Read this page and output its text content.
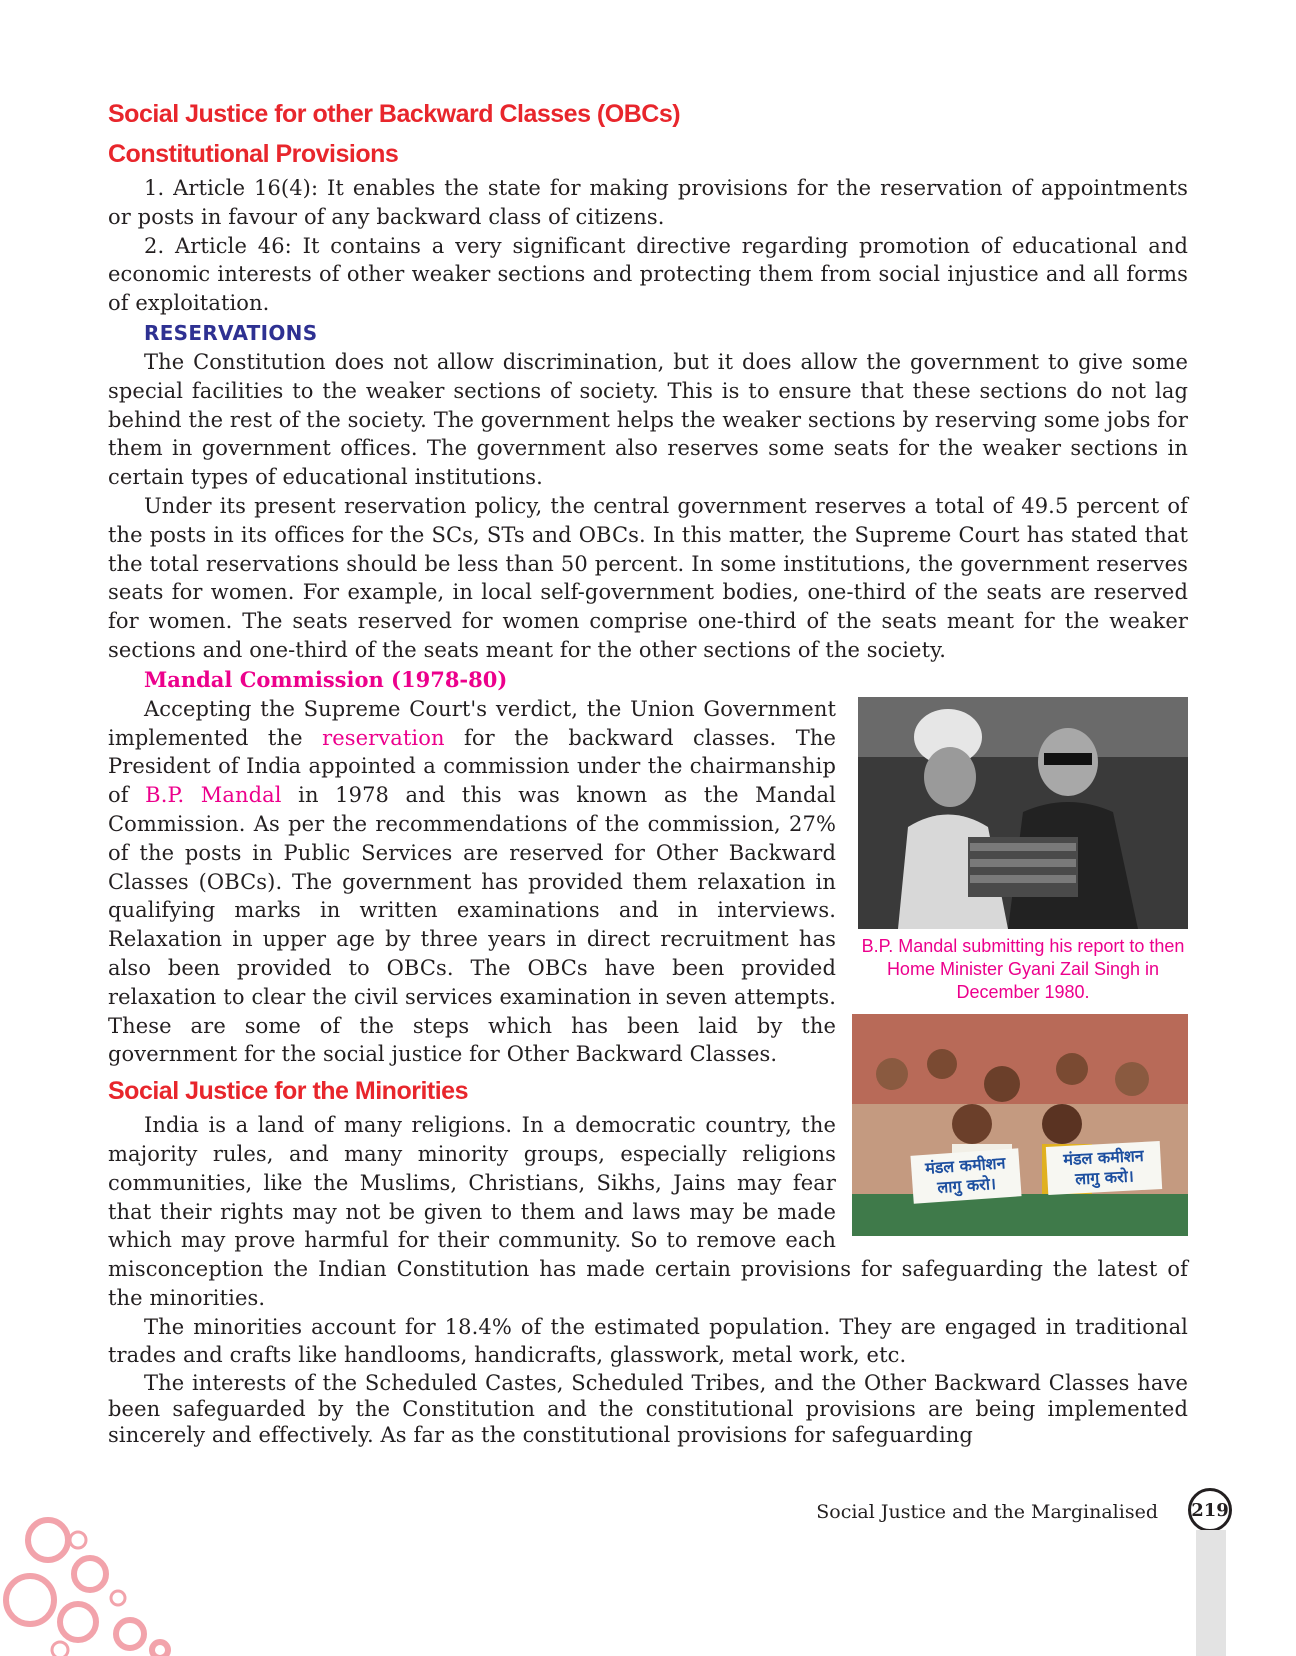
Social Justice for other Backward Classes (OBCs)
Constitutional Provisions

1. Article 16(4): It enables the state for making provisions for the reservation of appointments or posts in favour of any backward class of citizens.

2. Article 46: It contains a very significant directive regarding promotion of educational and economic interests of other weaker sections and protecting them from social injustice and all forms of exploitation.

RESERVATIONS

The Constitution does not allow discrimination, but it does allow the government to give some special facilities to the weaker sections of society. This is to ensure that these sections do not lag behind the rest of the society. The government helps the weaker sections by reserving some jobs for them in government offices. The government also reserves some seats for the weaker sections in certain types of educational institutions.

Under its present reservation policy, the central government reserves a total of 49.5 percent of the posts in its offices for the SCs, STs and OBCs. In this matter, the Supreme Court has stated that the total reservations should be less than 50 percent. In some institutions, the government reserves seats for women. For example, in local self-government bodies, one-third of the seats are reserved for women. The seats reserved for women comprise one-third of the seats meant for the weaker sections and one-third of the seats meant for the other sections of the society.

Mandal Commission (1978-80)
B.P. Mandal submitting his report to then Home Minister Gyani Zail Singh in December 1980.
मंडल कमीशन लागु करो।
मंडल कमीशन लागु करो।

Accepting the Supreme Court's verdict, the Union Government implemented the reservation for the backward classes. The President of India appointed a commission under the chairmanship of B.P. Mandal in 1978 and this was known as the Mandal Commission. As per the recommendations of the commission, 27% of the posts in Public Services are reserved for Other Backward Classes (OBCs). The government has provided them relaxation in qualifying marks in written examinations and in interviews. Relaxation in upper age by three years in direct recruitment has also been provided to OBCs. The OBCs have been provided relaxation to clear the civil services examination in seven attempts. These are some of the steps which has been laid by the government for the social justice for Other Backward Classes.

Social Justice for the Minorities

India is a land of many religions. In a democratic country, the majority rules, and many minority groups, especially religions communities, like the Muslims, Christians, Sikhs, Jains may fear that their rights may not be given to them and laws may be made which may prove harmful for their community. So to remove each misconception the Indian Constitution has made certain provisions for safeguarding the latest of the minorities.

The minorities account for 18.4% of the estimated population. They are engaged in traditional trades and crafts like handlooms, handicrafts, glasswork, metal work, etc.

The interests of the Scheduled Castes, Scheduled Tribes, and the Other Backward Classes have been safeguarded by the Constitution and the constitutional provisions are being implemented sincerely and effectively. As far as the constitutional provisions for safeguarding

Social Justice and the Marginalised 219
